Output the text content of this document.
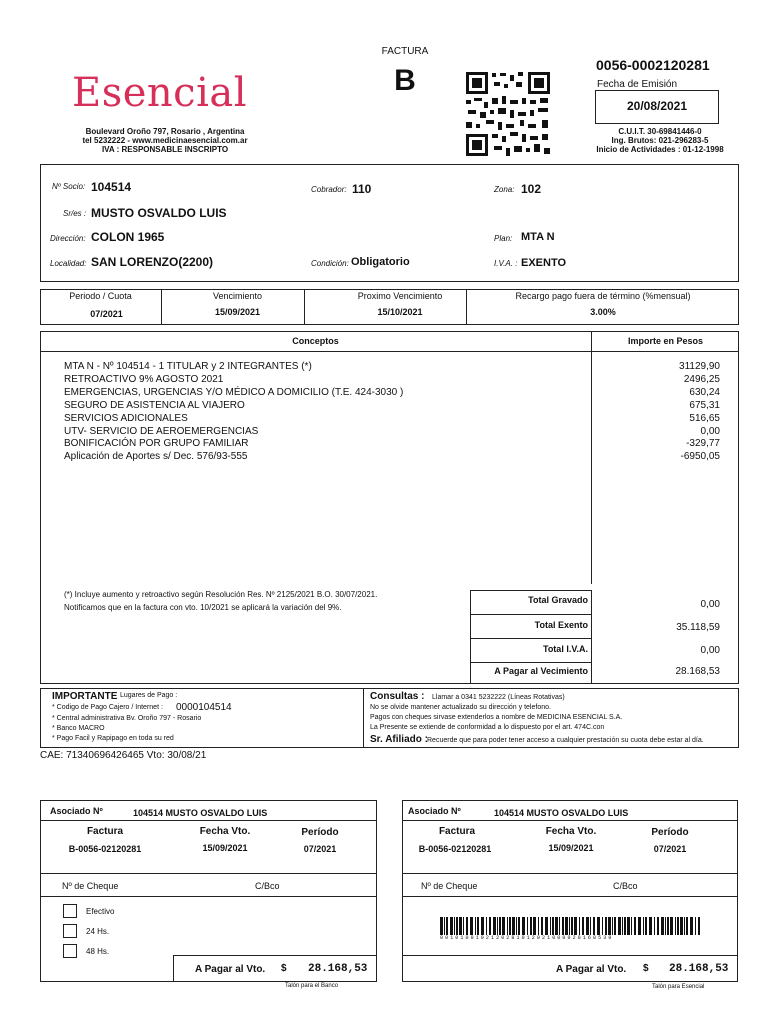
Esencial
Boulevard Oroño 797, Rosario , Argentina
tel 5232222 - www.medicinaesencial.com.ar
IVA : RESPONSABLE INSCRIPTO
FACTURA
B	0056-0002120281
Fecha de Emisión
20/08/2021
C.U.I.T. 30-69841446-0
Ing. Brutos: 021-296283-5
Inicio de Actividades : 01-12-1998
Nº Socio: 104514	Cobrador: 110	Zona: 102
Sr/es : MUSTO OSVALDO LUIS
Dirección: COLON 1965	Plan: MTA N
Localidad: SAN LORENZO(2200)	Condición: Obligatorio	I.V.A. : EXENTO
Periodo / Cuota
07/2021
Vencimiento
15/09/2021
Proximo Vencimiento
15/10/2021
Recargo pago fuera de término (%mensual)
3.00%
Conceptos	Importe en Pesos
MTA N - Nº 104514 - 1 TITULAR y 2 INTEGRANTES (*)	31129,90
RETROACTIVO 9% AGOSTO 2021	2496,25
EMERGENCIAS, URGENCIAS Y/O MÉDICO A DOMICILIO (T.E. 424-3030 )	630,24
SEGURO DE ASISTENCIA AL VIAJERO	675,31
SERVICIOS ADICIONALES	516,65
UTV- SERVICIO DE AEROEMERGENCIAS	0,00
BONIFICACIÓN POR GRUPO FAMILIAR	-329,77
Aplicación de Aportes s/ Dec. 576/93-555	-6950,05
(*) Incluye aumento y retroactivo según Resolución Res. Nº 2125/2021 B.O. 30/07/2021.
Notificamos que en la factura con vto. 10/2021 se aplicará la variación del 9%.
Total Gravado	0,00
Total Exento	35.118,59
Total I.V.A.	0,00
A Pagar al Vecimiento	28.168,53
IMPORTANTE Lugares de Pago :
* Codigo de Pago Cajero / Internet : 0000104514
* Central administrativa Bv. Oroño 797 - Rosario
* Banco MACRO
* Pago Facil y Rapipago en toda su red
Consultas : Llamar a 0341 5232222 (Líneas Rotativas)
No se olvide mantener actualizado su dirección y telefono.
Pagos con cheques sirvase extenderlos a nombre de MEDICINA ESENCIAL S.A.
La Presente se extiende de conformidad a lo dispuesto por el art. 474C.con
Sr. Afiliado : Recuerde que para poder tener acceso a cualquier prestación su cuota debe estar al día.
CAE: 71340696426465 Vto: 30/08/21
Asociado Nº	104514 MUSTO OSVALDO LUIS
Factura	Fecha Vto.	Período
B-0056-02120281	15/09/2021	07/2021
Nº de Cheque	C/Bco
Efectivo
24 Hs.
48 Hs.
A Pagar al Vto. $ 28.168,53
Talón para el Banco
Asociado Nº	104514 MUSTO OSVALDO LUIS
Factura	Fecha Vto.	Período
B-0056-02120281	15/09/2021	07/2021
Nº de Cheque	C/Bco
0010100102120281012021000028168530
A Pagar al Vto. $ 28.168,53
Talón para Esencial
